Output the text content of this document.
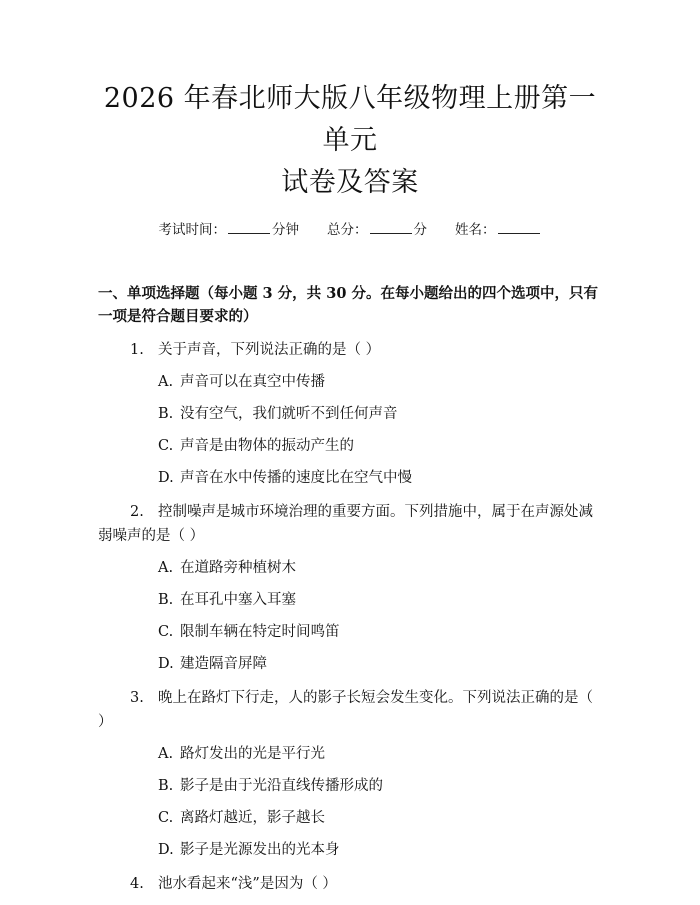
2026 年春北师大版八年级物理上册第一单元
试卷及答案
考试时间：	分钟 总分：	分 姓名：
一、单项选择题（每小题 3 分，共 30 分。在每小题给出的四个选项中，只有一项是符合题目要求的）
1. 关于声音，下列说法正确的是（ ）
A. 声音可以在真空中传播
B. 没有空气，我们就听不到任何声音
C. 声音是由物体的振动产生的
D. 声音在水中传播的速度比在空气中慢
2. 控制噪声是城市环境治理的重要方面。下列措施中，属于在声源处减弱噪声的是（ ）
A. 在道路旁种植树木
B. 在耳孔中塞入耳塞
C. 限制车辆在特定时间鸣笛
D. 建造隔音屏障
3. 晚上在路灯下行走，人的影子长短会发生变化。下列说法正确的是（ ）
A. 路灯发出的光是平行光
B. 影子是由于光沿直线传播形成的
C. 离路灯越近，影子越长
D. 影子是光源发出的光本身
4. 池水看起来“浅”是因为（ ）
